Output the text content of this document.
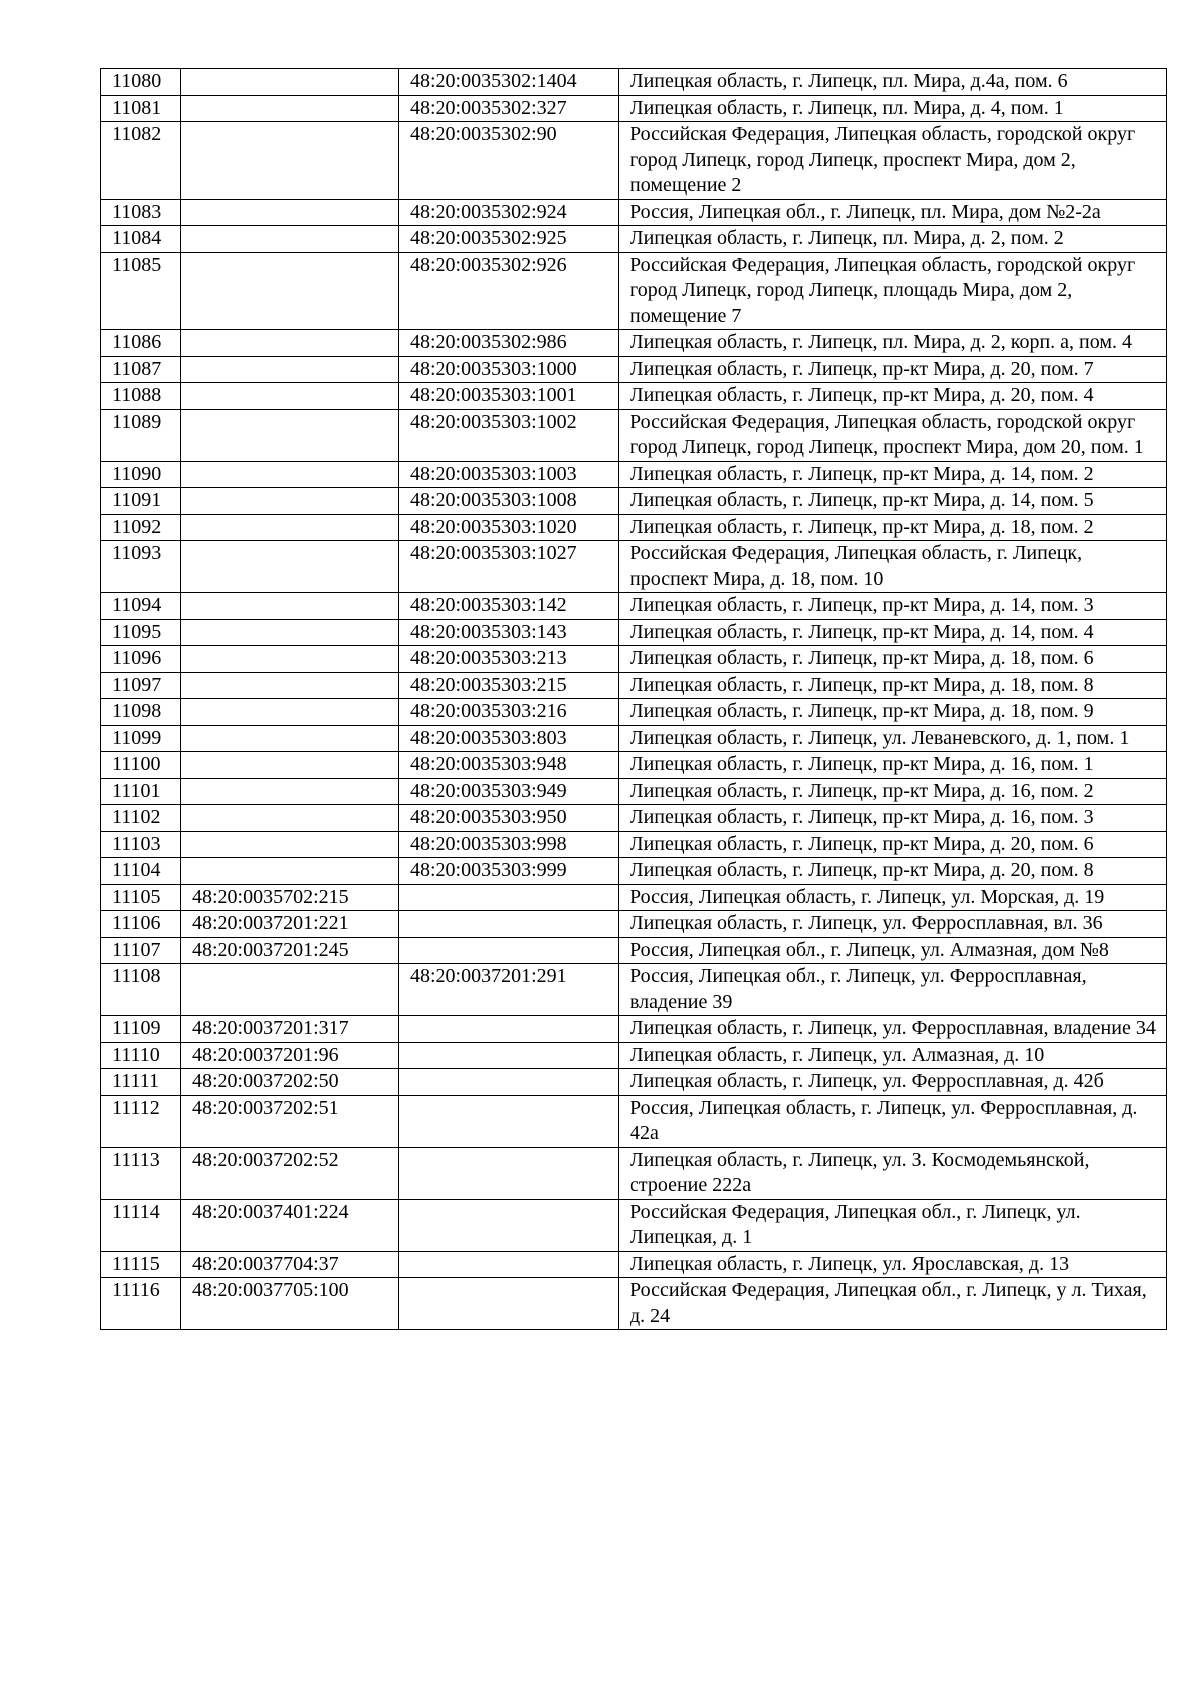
11080		48:20:0035302:1404	Липецкая область, г. Липецк, пл. Мира, д.4а, пом. 6
11081		48:20:0035302:327	Липецкая область, г. Липецк, пл. Мира, д. 4, пом. 1
11082		48:20:0035302:90	Российская Федерация, Липецкая область, городской округ город Липецк, город Липецк, проспект Мира, дом 2, помещение 2
11083		48:20:0035302:924	Россия, Липецкая обл., г. Липецк, пл. Мира, дом №2-2а
11084		48:20:0035302:925	Липецкая область, г. Липецк, пл. Мира, д. 2, пом. 2
11085		48:20:0035302:926	Российская Федерация, Липецкая область, городской округ город Липецк, город Липецк, площадь Мира, дом 2, помещение 7
11086		48:20:0035302:986	Липецкая область, г. Липецк, пл. Мира, д. 2, корп. а, пом. 4
11087		48:20:0035303:1000	Липецкая область, г. Липецк, пр-кт Мира, д. 20, пом. 7
11088		48:20:0035303:1001	Липецкая область, г. Липецк, пр-кт Мира, д. 20, пом. 4
11089		48:20:0035303:1002	Российская Федерация, Липецкая область, городской округ город Липецк, город Липецк, проспект Мира, дом 20, пом. 1
11090		48:20:0035303:1003	Липецкая область, г. Липецк, пр-кт Мира, д. 14, пом. 2
11091		48:20:0035303:1008	Липецкая область, г. Липецк, пр-кт Мира, д. 14, пом. 5
11092		48:20:0035303:1020	Липецкая область, г. Липецк, пр-кт Мира, д. 18, пом. 2
11093		48:20:0035303:1027	Российская Федерация, Липецкая область, г. Липецк, проспект Мира, д. 18, пом. 10
11094		48:20:0035303:142	Липецкая область, г. Липецк, пр-кт Мира, д. 14, пом. 3
11095		48:20:0035303:143	Липецкая область, г. Липецк, пр-кт Мира, д. 14, пом. 4
11096		48:20:0035303:213	Липецкая область, г. Липецк, пр-кт Мира, д. 18, пом. 6
11097		48:20:0035303:215	Липецкая область, г. Липецк, пр-кт Мира, д. 18, пом. 8
11098		48:20:0035303:216	Липецкая область, г. Липецк, пр-кт Мира, д. 18, пом. 9
11099		48:20:0035303:803	Липецкая область, г. Липецк, ул. Леваневского, д. 1, пом. 1
11100		48:20:0035303:948	Липецкая область, г. Липецк, пр-кт Мира, д. 16, пом. 1
11101		48:20:0035303:949	Липецкая область, г. Липецк, пр-кт Мира, д. 16, пом. 2
11102		48:20:0035303:950	Липецкая область, г. Липецк, пр-кт Мира, д. 16, пом. 3
11103		48:20:0035303:998	Липецкая область, г. Липецк, пр-кт Мира, д. 20, пом. 6
11104		48:20:0035303:999	Липецкая область, г. Липецк, пр-кт Мира, д. 20, пом. 8
11105	48:20:0035702:215		Россия, Липецкая область, г. Липецк, ул. Морская, д. 19
11106	48:20:0037201:221		Липецкая область, г. Липецк, ул. Ферросплавная, вл. 36
11107	48:20:0037201:245		Россия, Липецкая обл., г. Липецк, ул. Алмазная, дом №8
11108		48:20:0037201:291	Россия, Липецкая обл., г. Липецк, ул. Ферросплавная, владение 39
11109	48:20:0037201:317		Липецкая область, г. Липецк, ул. Ферросплавная, владение 34
11110	48:20:0037201:96		Липецкая область, г. Липецк, ул. Алмазная, д. 10
11111	48:20:0037202:50		Липецкая область, г. Липецк, ул. Ферросплавная, д. 42б
11112	48:20:0037202:51		Россия, Липецкая область, г. Липецк, ул. Ферросплавная, д. 42а
11113	48:20:0037202:52		Липецкая область, г. Липецк, ул. З. Космодемьянской, строение 222а
11114	48:20:0037401:224		Российская Федерация, Липецкая обл., г. Липецк, ул. Липецкая, д. 1
11115	48:20:0037704:37		Липецкая область, г. Липецк, ул. Ярославская, д. 13
11116	48:20:0037705:100		Российская Федерация, Липецкая обл., г. Липецк, у л. Тихая, д. 24
